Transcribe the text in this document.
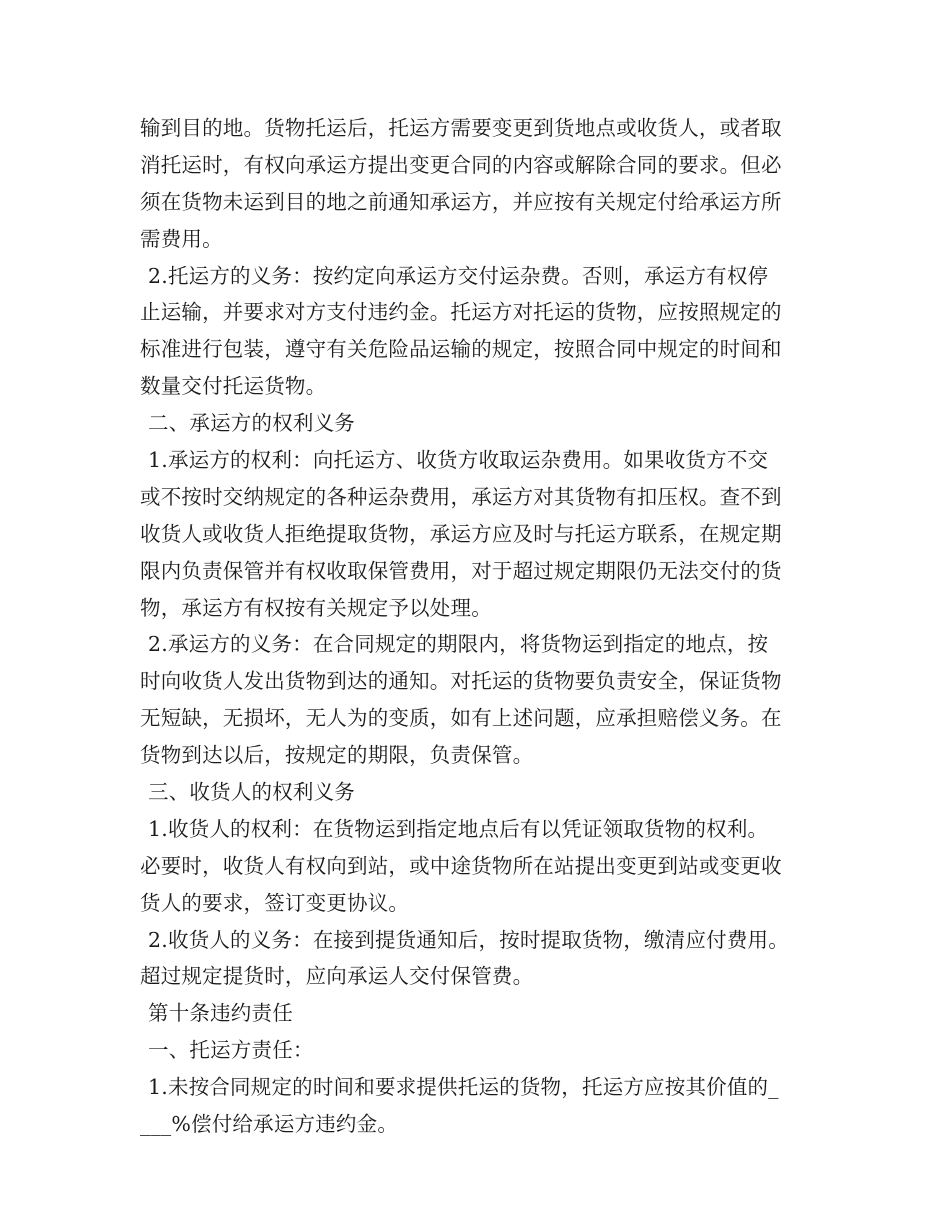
输到目的地。货物托运后，托运方需要变更到货地点或收货人，或者取
消托运时，有权向承运方提出变更合同的内容或解除合同的要求。但必
须在货物未运到目的地之前通知承运方，并应按有关规定付给承运方所
需费用。
2.托运方的义务：按约定向承运方交付运杂费。否则，承运方有权停
止运输，并要求对方支付违约金。托运方对托运的货物，应按照规定的
标准进行包装，遵守有关危险品运输的规定，按照合同中规定的时间和
数量交付托运货物。
二、承运方的权利义务
1.承运方的权利：向托运方、收货方收取运杂费用。如果收货方不交
或不按时交纳规定的各种运杂费用，承运方对其货物有扣压权。查不到
收货人或收货人拒绝提取货物，承运方应及时与托运方联系，在规定期
限内负责保管并有权收取保管费用，对于超过规定期限仍无法交付的货
物，承运方有权按有关规定予以处理。
2.承运方的义务：在合同规定的期限内，将货物运到指定的地点，按
时向收货人发出货物到达的通知。对托运的货物要负责安全，保证货物
无短缺，无损坏，无人为的变质，如有上述问题，应承担赔偿义务。在
货物到达以后，按规定的期限，负责保管。
三、收货人的权利义务
1.收货人的权利：在货物运到指定地点后有以凭证领取货物的权利。
必要时，收货人有权向到站，或中途货物所在站提出变更到站或变更收
货人的要求，签订变更协议。
2.收货人的义务：在接到提货通知后，按时提取货物，缴清应付费用。
超过规定提货时，应向承运人交付保管费。
第十条违约责任
一、托运方责任：
1.未按合同规定的时间和要求提供托运的货物，托运方应按其价值的_
___%偿付给承运方违约金。
